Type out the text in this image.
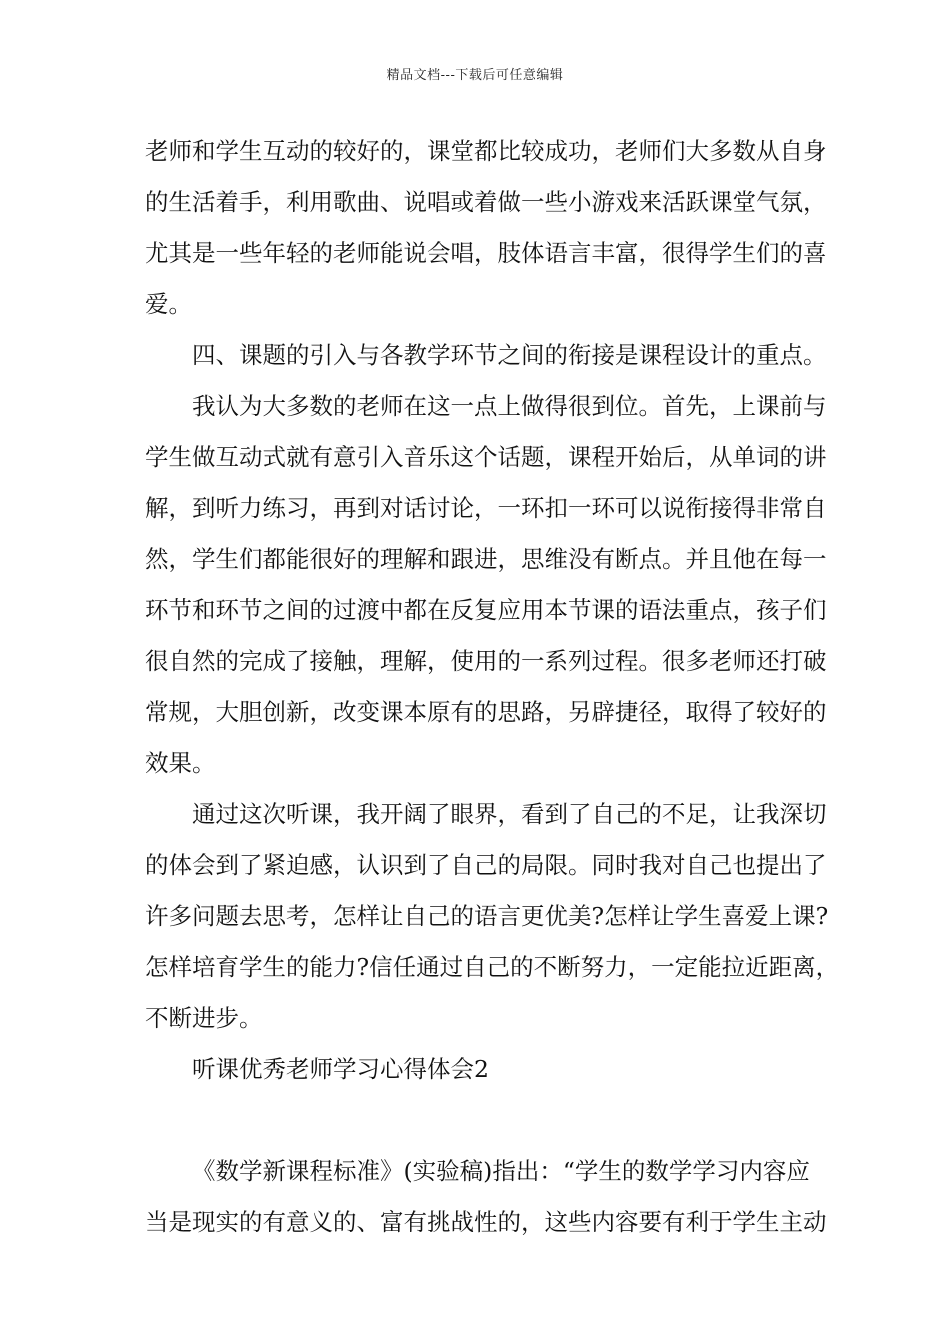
精品文档---下载后可任意编辑
老师和学生互动的较好的，课堂都比较成功，老师们大多数从自身
的生活着手，利用歌曲、说唱或着做一些小游戏来活跃课堂气氛，
尤其是一些年轻的老师能说会唱，肢体语言丰富，很得学生们的喜
爱。
四、课题的引入与各教学环节之间的衔接是课程设计的重点。
我认为大多数的老师在这一点上做得很到位。首先，上课前与
学生做互动式就有意引入音乐这个话题，课程开始后，从单词的讲
解，到听力练习，再到对话讨论，一环扣一环可以说衔接得非常自
然，学生们都能很好的理解和跟进，思维没有断点。并且他在每一
环节和环节之间的过渡中都在反复应用本节课的语法重点，孩子们
很自然的完成了接触，理解，使用的一系列过程。很多老师还打破
常规，大胆创新，改变课本原有的思路，另辟捷径，取得了较好的
效果。
通过这次听课，我开阔了眼界，看到了自己的不足，让我深切
的体会到了紧迫感，认识到了自己的局限。同时我对自己也提出了
许多问题去思考，怎样让自己的语言更优美?怎样让学生喜爱上课?
怎样培育学生的能力?信任通过自己的不断努力，一定能拉近距离，
不断进步。
听课优秀老师学习心得体会2
《数学新课程标准》(实验稿)指出：“学生的数学学习内容应
当是现实的有意义的、富有挑战性的，这些内容要有利于学生主动
